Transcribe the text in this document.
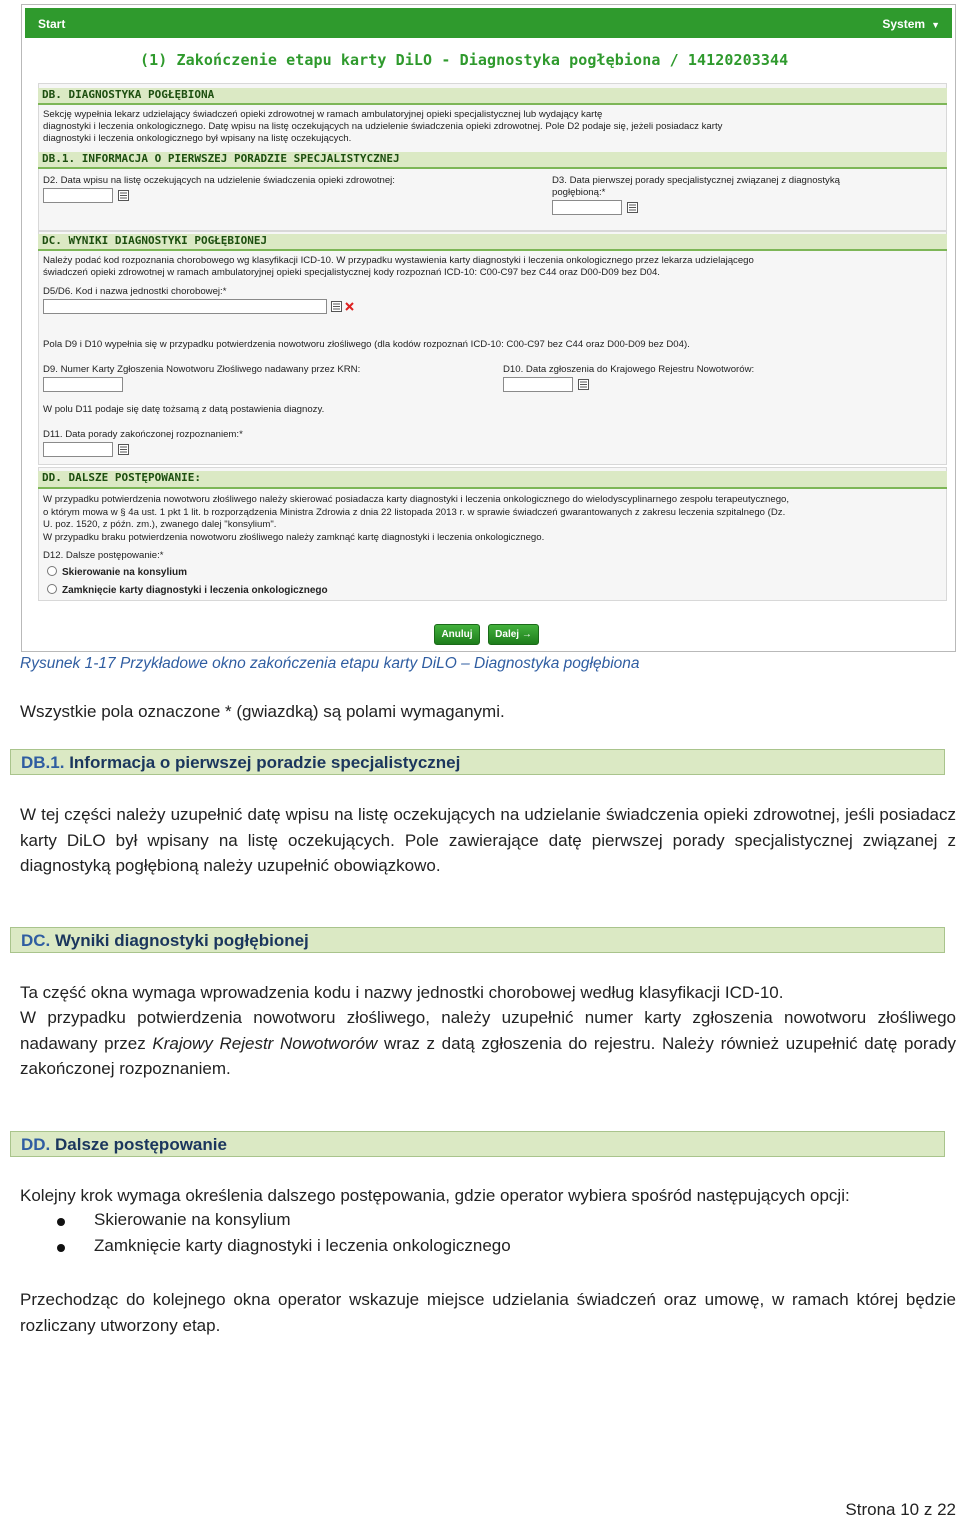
Start	System ▼
(1) Zakończenie etapu karty DiLO - Diagnostyka pogłębiona / 14120203344
DB. DIAGNOSTYKA POGŁĘBIONA
Sekcję wypełnia lekarz udzielający świadczeń opieki zdrowotnej w ramach ambulatoryjnej opieki specjalistycznej lub wydający kartę
diagnostyki i leczenia onkologicznego. Datę wpisu na listę oczekujących na udzielenie świadczenia opieki zdrowotnej. Pole D2 podaje się, jeżeli posiadacz karty
diagnostyki i leczenia onkologicznego był wpisany na listę oczekujących.
DB.1. INFORMACJA O PIERWSZEJ PORADZIE SPECJALISTYCZNEJ
D2. Data wpisu na listę oczekujących na udzielenie świadczenia opieki zdrowotnej:	D3. Data pierwszej porady specjalistycznej związanej z diagnostyką
pogłębioną:*
DC. WYNIKI DIAGNOSTYKI POGŁĘBIONEJ
Należy podać kod rozpoznania chorobowego wg klasyfikacji ICD-10. W przypadku wystawienia karty diagnostyki i leczenia onkologicznego przez lekarza udzielającego
świadczeń opieki zdrowotnej w ramach ambulatoryjnej opieki specjalistycznej kody rozpoznań ICD-10: C00-C97 bez C44 oraz D00-D09 bez D04.
D5/D6. Kod i nazwa jednostki chorobowej:*
Pola D9 i D10 wypełnia się w przypadku potwierdzenia nowotworu złośliwego (dla kodów rozpoznań ICD-10: C00-C97 bez C44 oraz D00-D09 bez D04).
D9. Numer Karty Zgłoszenia Nowotworu Złośliwego nadawany przez KRN:	D10. Data zgłoszenia do Krajowego Rejestru Nowotworów:
W polu D11 podaje się datę tożsamą z datą postawienia diagnozy.
D11. Data porady zakończonej rozpoznaniem:*
DD. DALSZE POSTĘPOWANIE:
W przypadku potwierdzenia nowotworu złośliwego należy skierować posiadacza karty diagnostyki i leczenia onkologicznego do wielodyscyplinarnego zespołu terapeutycznego,
o którym mowa w § 4a ust. 1 pkt 1 lit. b rozporządzenia Ministra Zdrowia z dnia 22 listopada 2013 r. w sprawie świadczeń gwarantowanych z zakresu leczenia szpitalnego (Dz.
U. poz. 1520, z późn. zm.), zwanego dalej "konsylium".
W przypadku braku potwierdzenia nowotworu złośliwego należy zamknąć kartę diagnostyki i leczenia onkologicznego.
D12. Dalsze postępowanie:*
Skierowanie na konsylium
Zamknięcie karty diagnostyki i leczenia onkologicznego
Anuluj	Dalej →
Rysunek 1-17 Przykładowe okno zakończenia etapu karty DiLO – Diagnostyka pogłębiona
Wszystkie pola oznaczone * (gwiazdką) są polami wymaganymi.
DB.1. Informacja o pierwszej poradzie specjalistycznej
W tej części należy uzupełnić datę wpisu na listę oczekujących na udzielanie świadczenia opieki zdrowotnej, jeśli posiadacz karty DiLO był wpisany na listę oczekujących. Pole zawierające datę pierwszej porady specjalistycznej związanej z diagnostyką pogłębioną należy uzupełnić obowiązkowo.
DC. Wyniki diagnostyki pogłębionej
Ta część okna wymaga wprowadzenia kodu i nazwy jednostki chorobowej według klasyfikacji ICD-10.
W przypadku potwierdzenia nowotworu złośliwego, należy uzupełnić numer karty zgłoszenia nowotworu złośliwego nadawany przez Krajowy Rejestr Nowotworów wraz z datą zgłoszenia do rejestru. Należy również uzupełnić datę porady zakończonej rozpoznaniem.
DD. Dalsze postępowanie
Kolejny krok wymaga określenia dalszego postępowania, gdzie operator wybiera spośród następujących opcji:
Skierowanie na konsylium
Zamknięcie karty diagnostyki i leczenia onkologicznego
Przechodząc do kolejnego okna operator wskazuje miejsce udzielania świadczeń oraz umowę, w ramach której będzie rozliczany utworzony etap.
Strona 10 z 22
